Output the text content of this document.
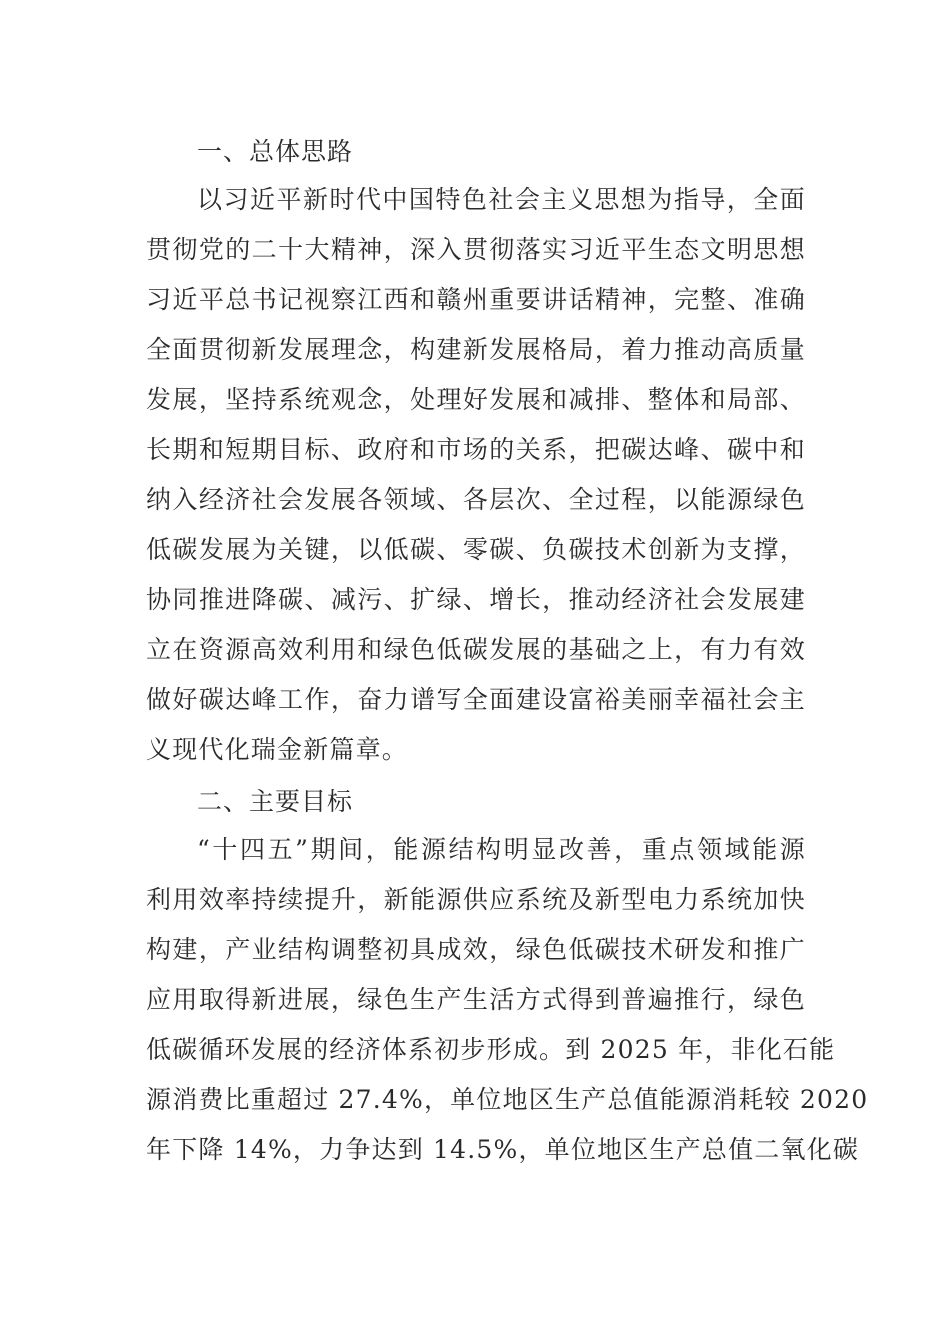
一、总体思路
以习近平新时代中国特色社会主义思想为指导，全面
贯彻党的二十大精神，深入贯彻落实习近平生态文明思想
习近平总书记视察江西和赣州重要讲话精神，完整、准确
全面贯彻新发展理念，构建新发展格局，着力推动高质量
发展，坚持系统观念，处理好发展和减排、整体和局部、
长期和短期目标、政府和市场的关系，把碳达峰、碳中和
纳入经济社会发展各领域、各层次、全过程，以能源绿色
低碳发展为关键，以低碳、零碳、负碳技术创新为支撑，
协同推进降碳、减污、扩绿、增长，推动经济社会发展建
立在资源高效利用和绿色低碳发展的基础之上，有力有效
做好碳达峰工作，奋力谱写全面建设富裕美丽幸福社会主
义现代化瑞金新篇章。
二、主要目标
“十四五”期间，能源结构明显改善，重点领域能源
利用效率持续提升，新能源供应系统及新型电力系统加快
构建，产业结构调整初具成效，绿色低碳技术研发和推广
应用取得新进展，绿色生产生活方式得到普遍推行，绿色
低碳循环发展的经济体系初步形成。到 2025 年，非化石能
源消费比重超过 27.4%，单位地区生产总值能源消耗较 2020
年下降 14%，力争达到 14.5%，单位地区生产总值二氧化碳
